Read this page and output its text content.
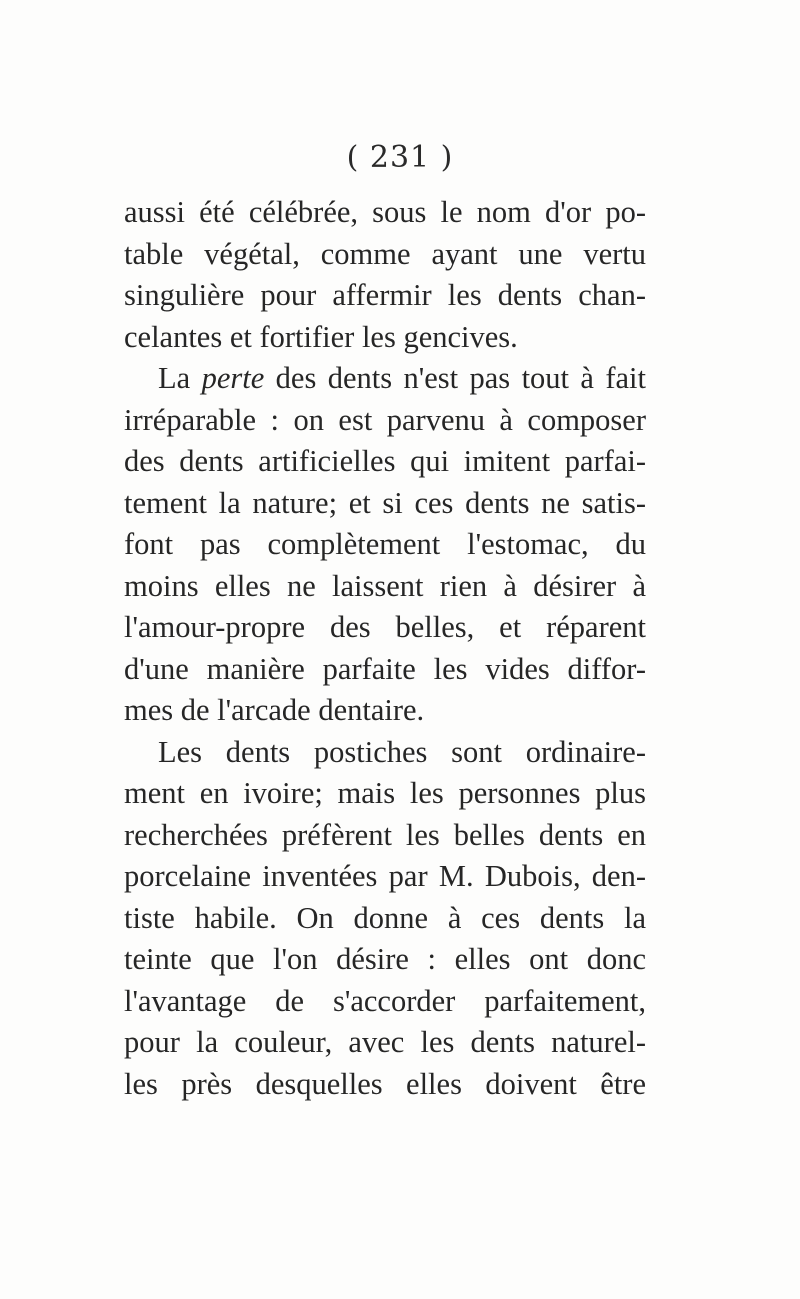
( 231 )
aussi été célébrée, sous le nom d'or po-
table végétal, comme ayant une vertu
singulière pour affermir les dents chan-
celantes et fortifier les gencives.
La perte des dents n'est pas tout à fait
irréparable : on est parvenu à composer
des dents artificielles qui imitent parfai-
tement la nature; et si ces dents ne satis-
font pas complètement l'estomac, du
moins elles ne laissent rien à désirer à
l'amour-propre des belles, et réparent
d'une manière parfaite les vides diffor-
mes de l'arcade dentaire.
Les dents postiches sont ordinaire-
ment en ivoire; mais les personnes plus
recherchées préfèrent les belles dents en
porcelaine inventées par M. Dubois, den-
tiste habile. On donne à ces dents la
teinte que l'on désire : elles ont donc
l'avantage de s'accorder parfaitement,
pour la couleur, avec les dents naturel-
les près desquelles elles doivent être
